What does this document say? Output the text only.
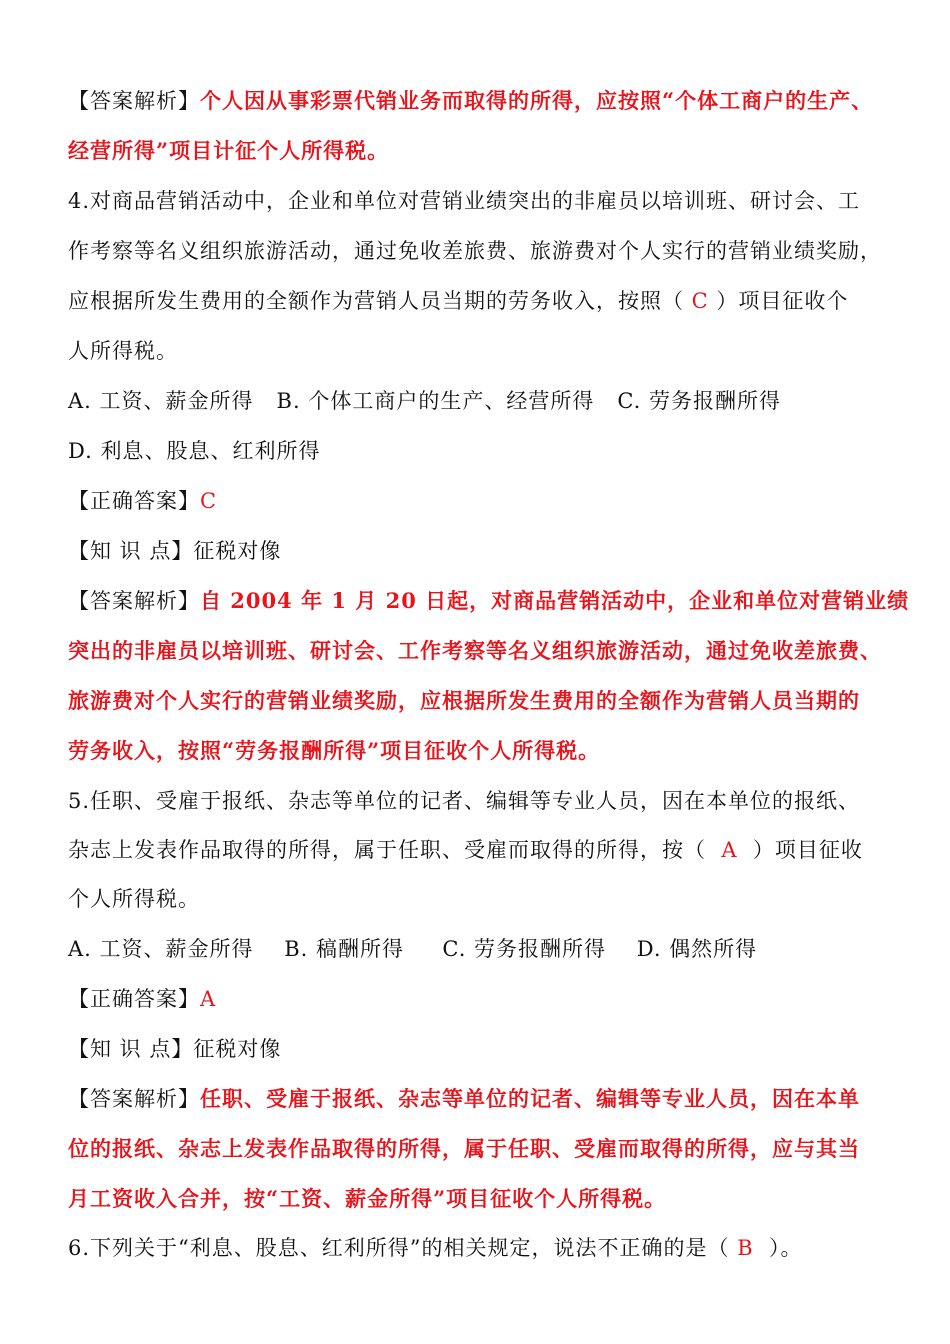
【答案解析】个人因从事彩票代销业务而取得的所得，应按照“个体工商户的生产、
经营所得”项目计征个人所得税。
4.对商品营销活动中，企业和单位对营销业绩突出的非雇员以培训班、研讨会、工
作考察等名义组织旅游活动，通过免收差旅费、旅游费对个人实行的营销业绩奖励，
应根据所发生费用的全额作为营销人员当期的劳务收入，按照（ C ）项目征收个
人所得税。
A. 工资、薪金所得   B. 个体工商户的生产、经营所得   C. 劳务报酬所得
D. 利息、股息、红利所得
【正确答案】C
【知 识 点】征税对像
【答案解析】自 2004 年 1 月 20 日起，对商品营销活动中，企业和单位对营销业绩
突出的非雇员以培训班、研讨会、工作考察等名义组织旅游活动，通过免收差旅费、
旅游费对个人实行的营销业绩奖励，应根据所发生费用的全额作为营销人员当期的
劳务收入，按照“劳务报酬所得”项目征收个人所得税。
5.任职、受雇于报纸、杂志等单位的记者、编辑等专业人员，因在本单位的报纸、
杂志上发表作品取得的所得，属于任职、受雇而取得的所得，按（  A  ）项目征收
个人所得税。
A. 工资、薪金所得    B. 稿酬所得     C. 劳务报酬所得    D. 偶然所得
【正确答案】A
【知 识 点】征税对像
【答案解析】任职、受雇于报纸、杂志等单位的记者、编辑等专业人员，因在本单
位的报纸、杂志上发表作品取得的所得，属于任职、受雇而取得的所得，应与其当
月工资收入合并，按“工资、薪金所得”项目征收个人所得税。
6.下列关于“利息、股息、红利所得”的相关规定，说法不正确的是（ B  ）。
